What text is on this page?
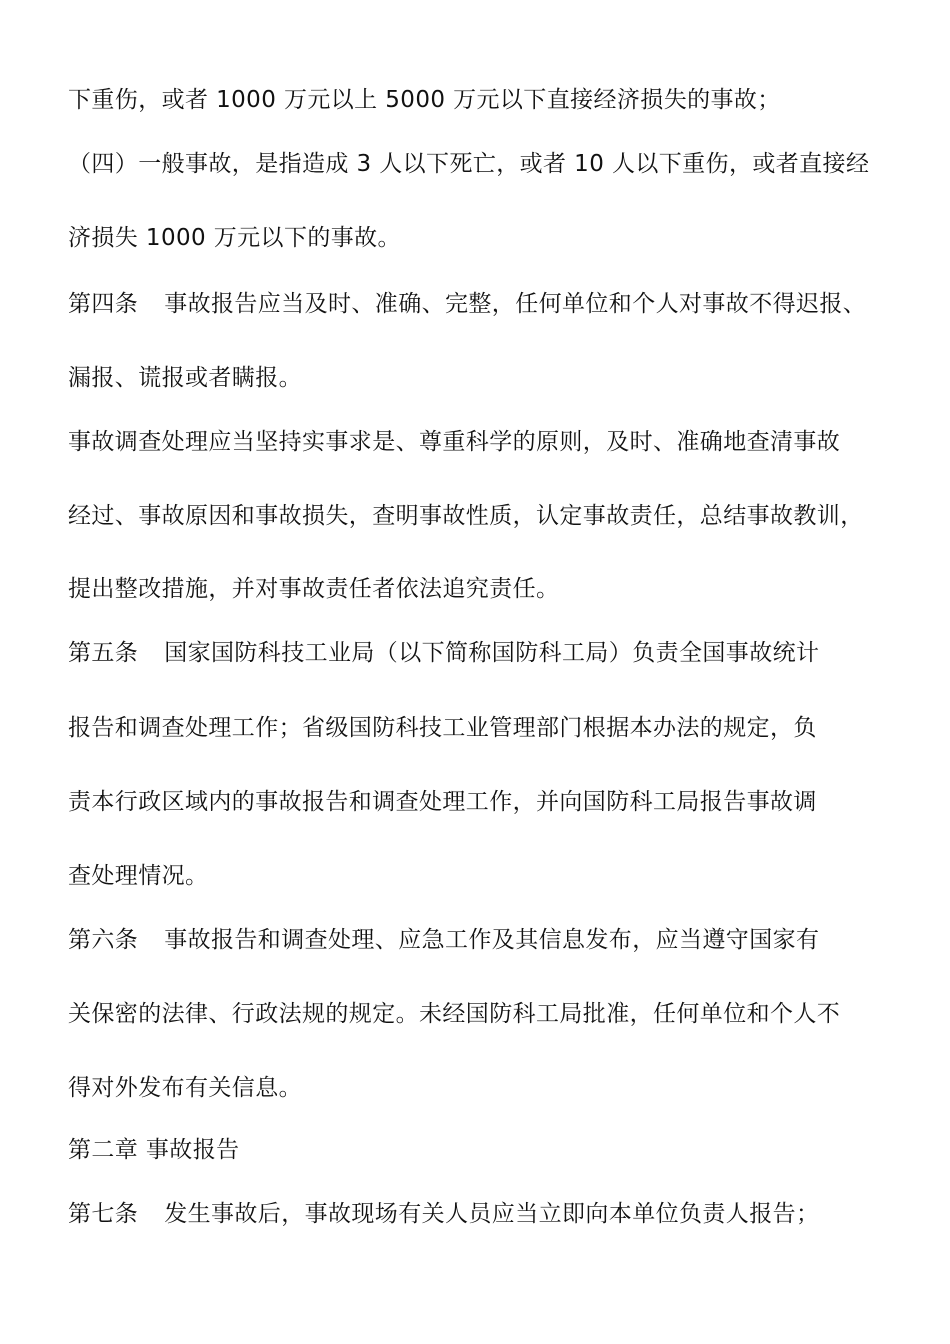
下重伤，或者 1000 万元以上 5000 万元以下直接经济损失的事故；
（四）一般事故，是指造成 3 人以下死亡，或者 10 人以下重伤，或者直接经
济损失 1000 万元以下的事故。
第四条 事故报告应当及时、准确、完整，任何单位和个人对事故不得迟报、
漏报、谎报或者瞒报。
事故调查处理应当坚持实事求是、尊重科学的原则，及时、准确地查清事故
经过、事故原因和事故损失，查明事故性质，认定事故责任，总结事故教训，
提出整改措施，并对事故责任者依法追究责任。
第五条 国家国防科技工业局（以下简称国防科工局）负责全国事故统计
报告和调查处理工作；省级国防科技工业管理部门根据本办法的规定，负
责本行政区域内的事故报告和调查处理工作，并向国防科工局报告事故调
查处理情况。
第六条 事故报告和调查处理、应急工作及其信息发布，应当遵守国家有
关保密的法律、行政法规的规定。未经国防科工局批准，任何单位和个人不
得对外发布有关信息。
第二章 事故报告
第七条 发生事故后，事故现场有关人员应当立即向本单位负责人报告；
